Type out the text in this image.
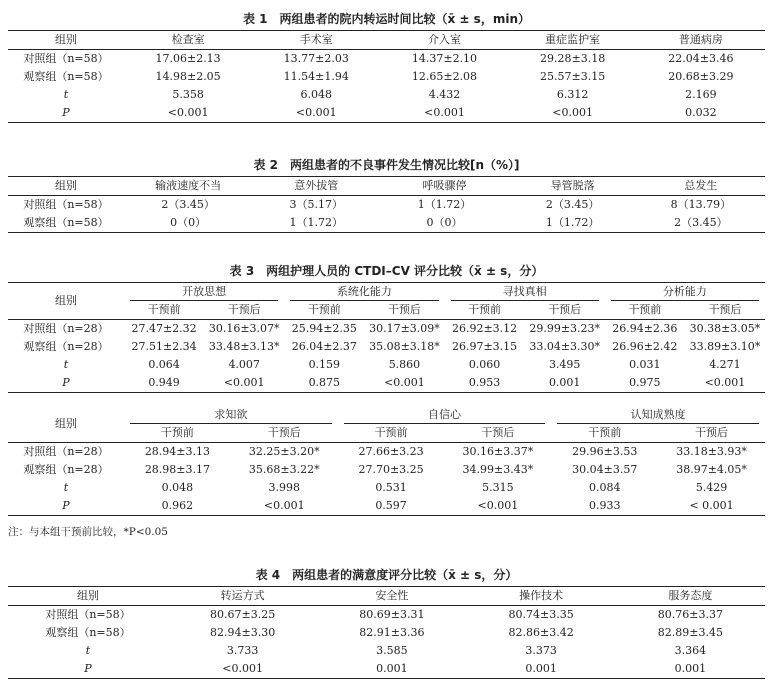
表 1　两组患者的院内转运时间比较（x̄ ± s，min）
组别	检查室	手术室	介入室	重症监护室	普通病房
对照组（n=58）	17.06±2.13	13.77±2.03	14.37±2.10	29.28±3.18	22.04±3.46
观察组（n=58）	14.98±2.05	11.54±1.94	12.65±2.08	25.57±3.15	20.68±3.29
t	5.358	6.048	4.432	6.312	2.169
P	<0.001	<0.001	<0.001	<0.001	0.032
表 2　两组患者的不良事件发生情况比较[n（%）]
组别	输液速度不当	意外拔管	呼吸骤停	导管脱落	总发生
对照组（n=58）	2（3.45）	3（5.17）	1（1.72）	2（3.45）	8（13.79）
观察组（n=58）	0（0）	1（1.72）	0（0）	1（1.72）	2（3.45）
表 3　两组护理人员的 CTDI–CV 评分比较（x̄ ± s，分）
组别	开放思想		系统化能力		寻找真相		分析能力	

	干预前	干预后	干预前	干预后	干预前	干预后	干预前	干预后
对照组（n=28）	27.47±2.32	30.16±3.07*	25.94±2.35	30.17±3.09*	26.92±3.12	29.99±3.23*	26.94±2.36	30.38±3.05*
观察组（n=28）	27.51±2.34	33.48±3.13*	26.04±2.37	35.08±3.18*	26.97±3.15	33.04±3.30*	26.96±2.42	33.89±3.10*
t	0.064	4.007	0.159	5.860	0.060	3.495	0.031	4.271
P	0.949	<0.001	0.875	<0.001	0.953	0.001	0.975	<0.001
组别	求知欲		自信心		认知成熟度	

	干预前	干预后	干预前	干预后	干预前	干预后
对照组（n=28）	28.94±3.13	32.25±3.20*	27.66±3.23	30.16±3.37*	29.96±3.53	33.18±3.93*
观察组（n=28）	28.98±3.17	35.68±3.22*	27.70±3.25	34.99±3.43*	30.04±3.57	38.97±4.05*
t	0.048	3.998	0.531	5.315	0.084	5.429
P	0.962	<0.001	0.597	<0.001	0.933	< 0.001
注：与本组干预前比较，*P<0.05
表 4　两组患者的满意度评分比较（x̄ ± s，分）
组别	转运方式	安全性	操作技术	服务态度
对照组（n=58）	80.67±3.25	80.69±3.31	80.74±3.35	80.76±3.37
观察组（n=58）	82.94±3.30	82.91±3.36	82.86±3.42	82.89±3.45
t	3.733	3.585	3.373	3.364
P	<0.001	0.001	0.001	0.001
